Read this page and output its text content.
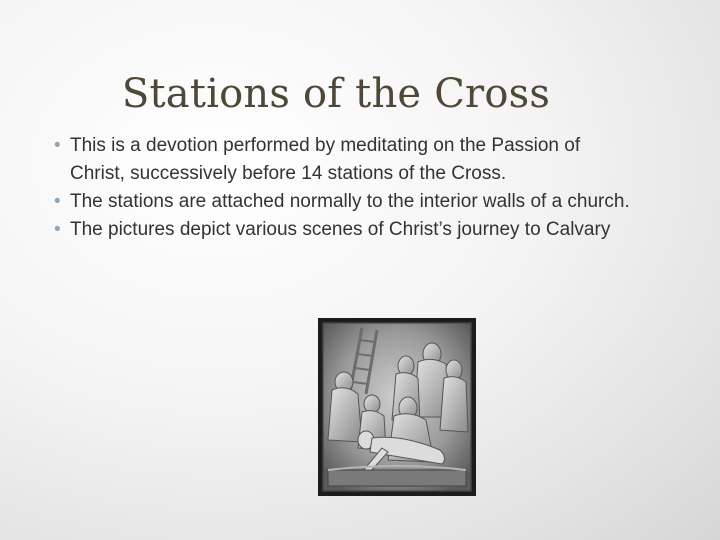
Stations of the Cross
• This is a devotion performed by meditating on the Passion of Christ, successively before 14 stations of the Cross.
• The stations are attached normally to the interior walls of a church.
• The pictures depict various scenes of Christ’s journey to Calvary
